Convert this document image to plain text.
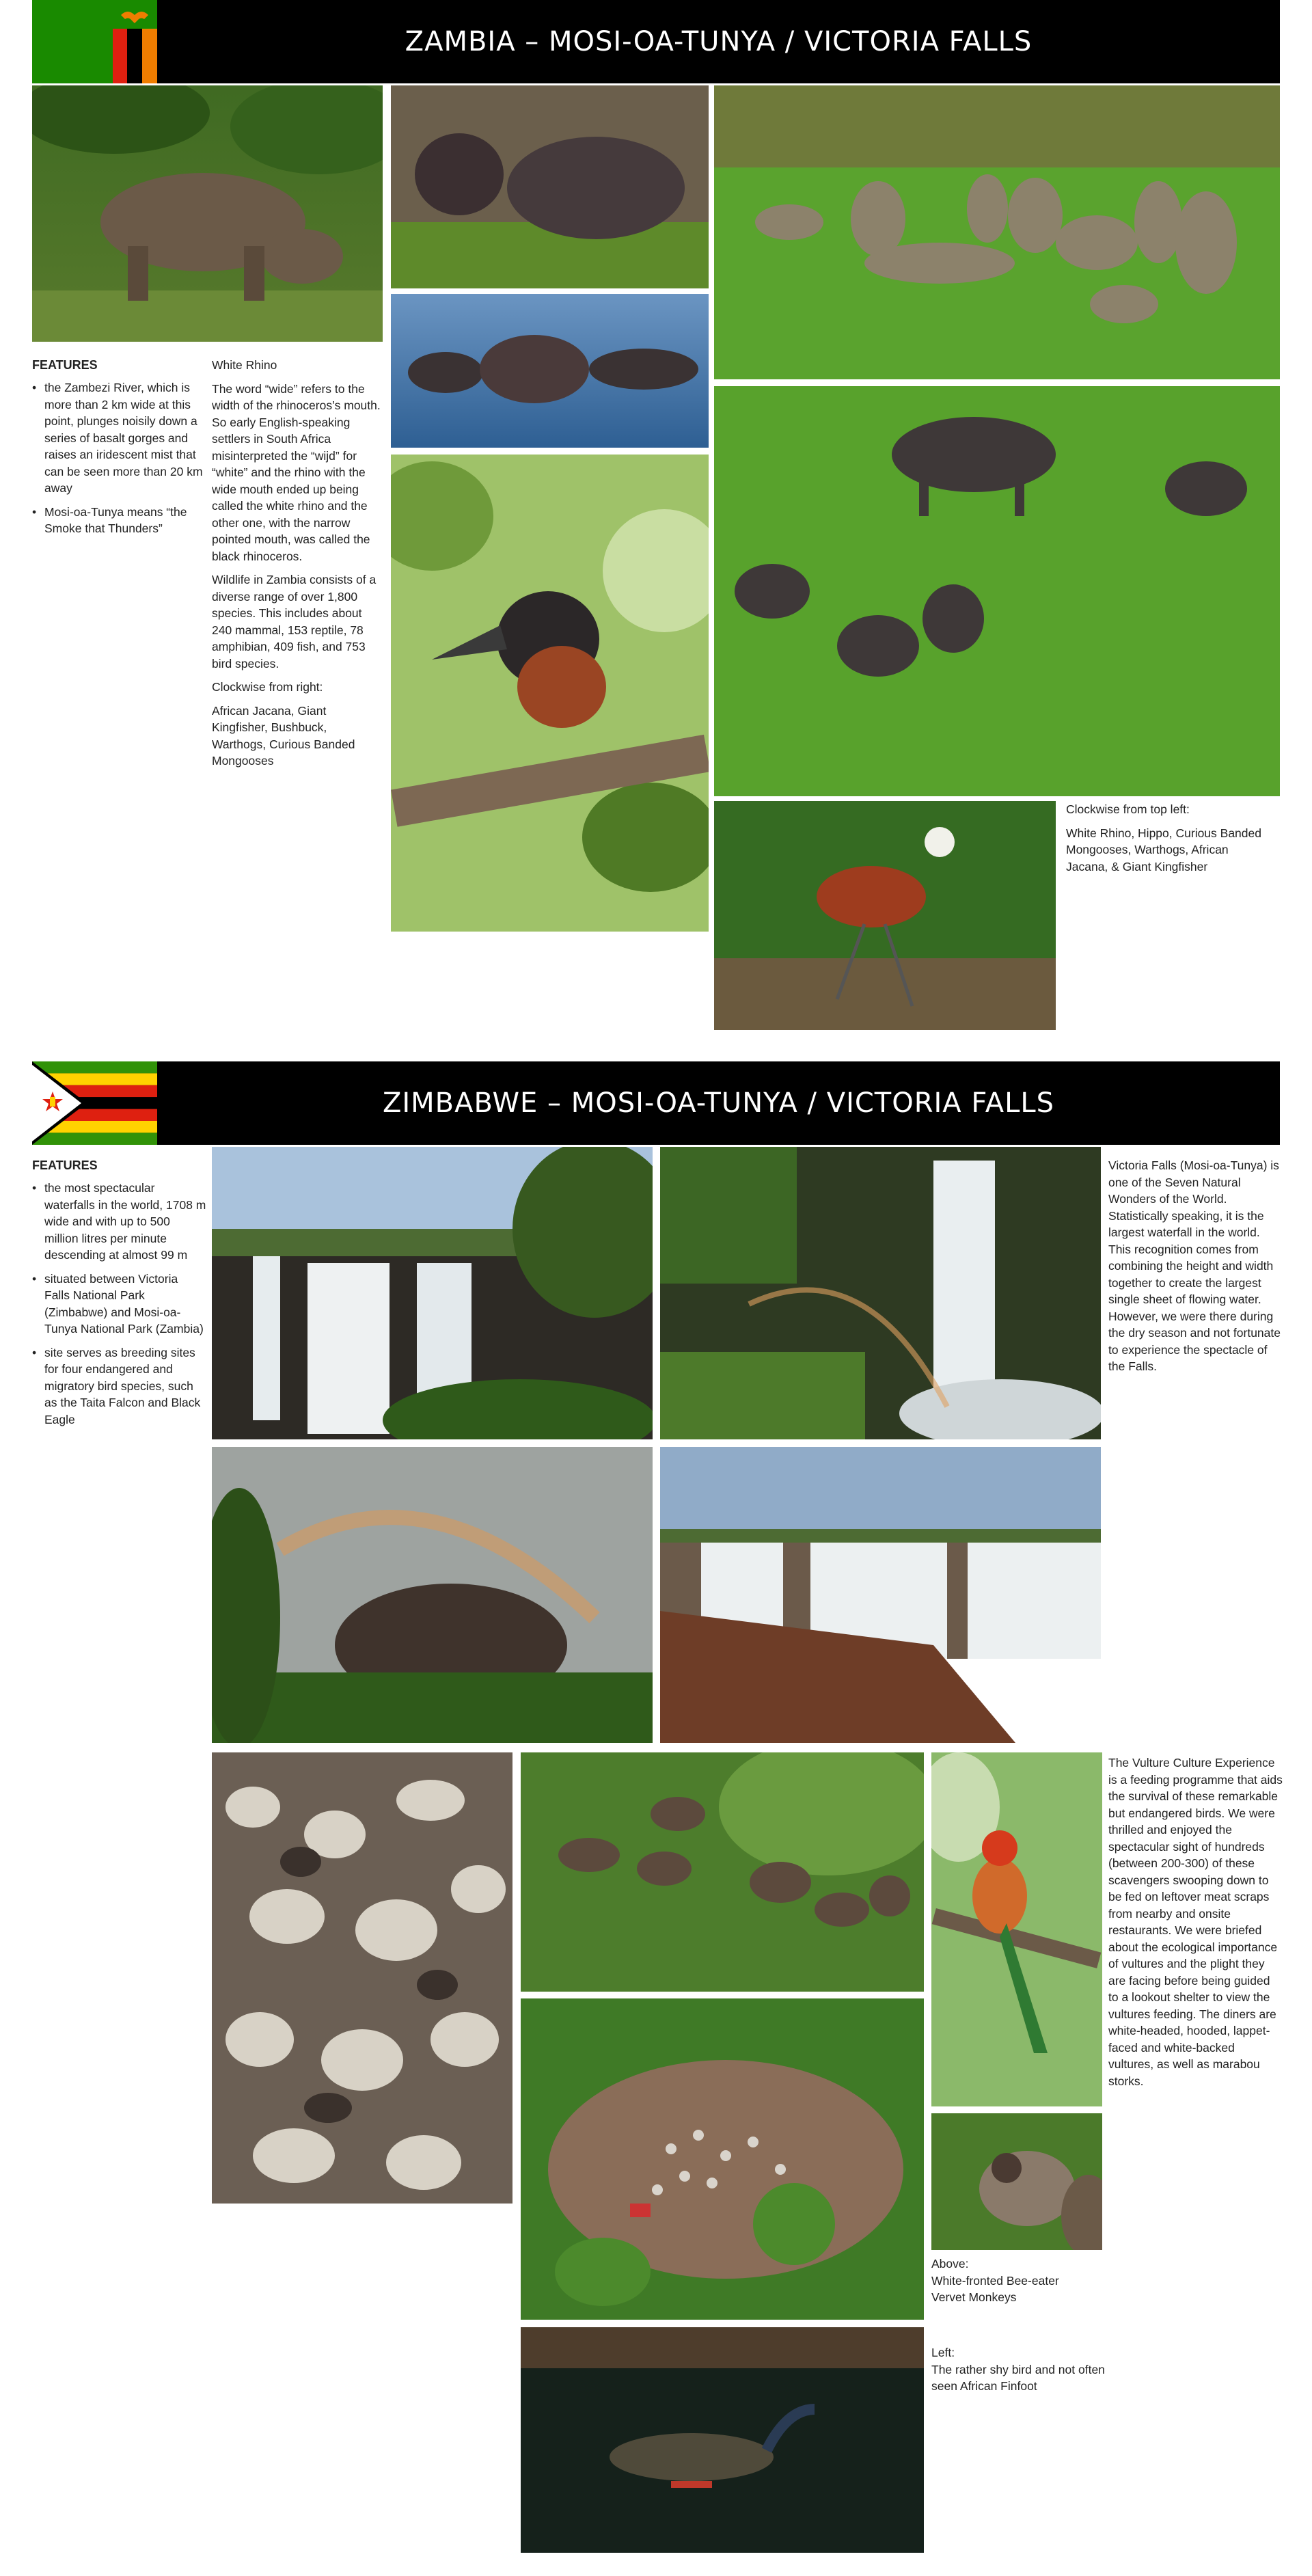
ZAMBIA – MOSI-OA-TUNYA / VICTORIA FALLS
FEATURES
• the Zambezi River, which is more than 2 km wide at this point, plunges noisily down a series of basalt gorges and raises an iridescent mist that can be seen more than 20 km away
• Mosi-oa-Tunya means “the Smoke that Thunders”

White Rhino

The word “wide” refers to the width of the rhinoceros’s mouth. So early English-speaking settlers in South Africa misinterpreted the “wijd” for “white” and the rhino with the wide mouth ended up being called the white rhino and the other one, with the narrow pointed mouth, was called the black rhinoceros.

Wildlife in Zambia consists of a diverse range of over 1,800 species. This includes about 240 mammal, 153 reptile, 78 amphibian, 409 fish, and 753 bird species.

Clockwise from right:

African Jacana, Giant Kingfisher, Bushbuck, Warthogs, Curious Banded Mongooses

Clockwise from top left:

White Rhino, Hippo, Curious Banded Mongooses, Warthogs, African Jacana, & Giant Kingfisher

ZIMBABWE – MOSI-OA-TUNYA / VICTORIA FALLS
Victoria Falls (Mosi-oa-Tunya) is one of the Seven Natural Wonders of the World. Statistically speaking, it is the largest waterfall in the world. This recognition comes from combining the height and width together to create the largest single sheet of flowing water. However, we were there during the dry season and not fortunate to experience the spectacle of the Falls.
FEATURES
• the most spectacular waterfalls in the world, 1708 m wide and with up to 500 million litres per minute descending at almost 99 m
• situated between Victoria Falls National Park (Zimbabwe) and Mosi-oa-Tunya National Park (Zambia)
• site serves as breeding sites for four endangered and migratory bird species, such as the Taita Falcon and Black Eagle
The Vulture Culture Experience is a feeding programme that aids the survival of these remarkable but endangered birds. We were thrilled and enjoyed the spectacular sight of hundreds (between 200-300) of these scavengers swooping down to be fed on leftover meat scraps from nearby and onsite restaurants. We were briefed about the ecological importance of vultures and the plight they are facing before being guided to a lookout shelter to view the vultures feeding. The diners are white-headed, hooded, lappet-faced and white-backed vultures, as well as marabou storks.
Above:
White-fronted Bee-eater
Vervet Monkeys
Left:
The rather shy bird and not often seen African Finfoot
